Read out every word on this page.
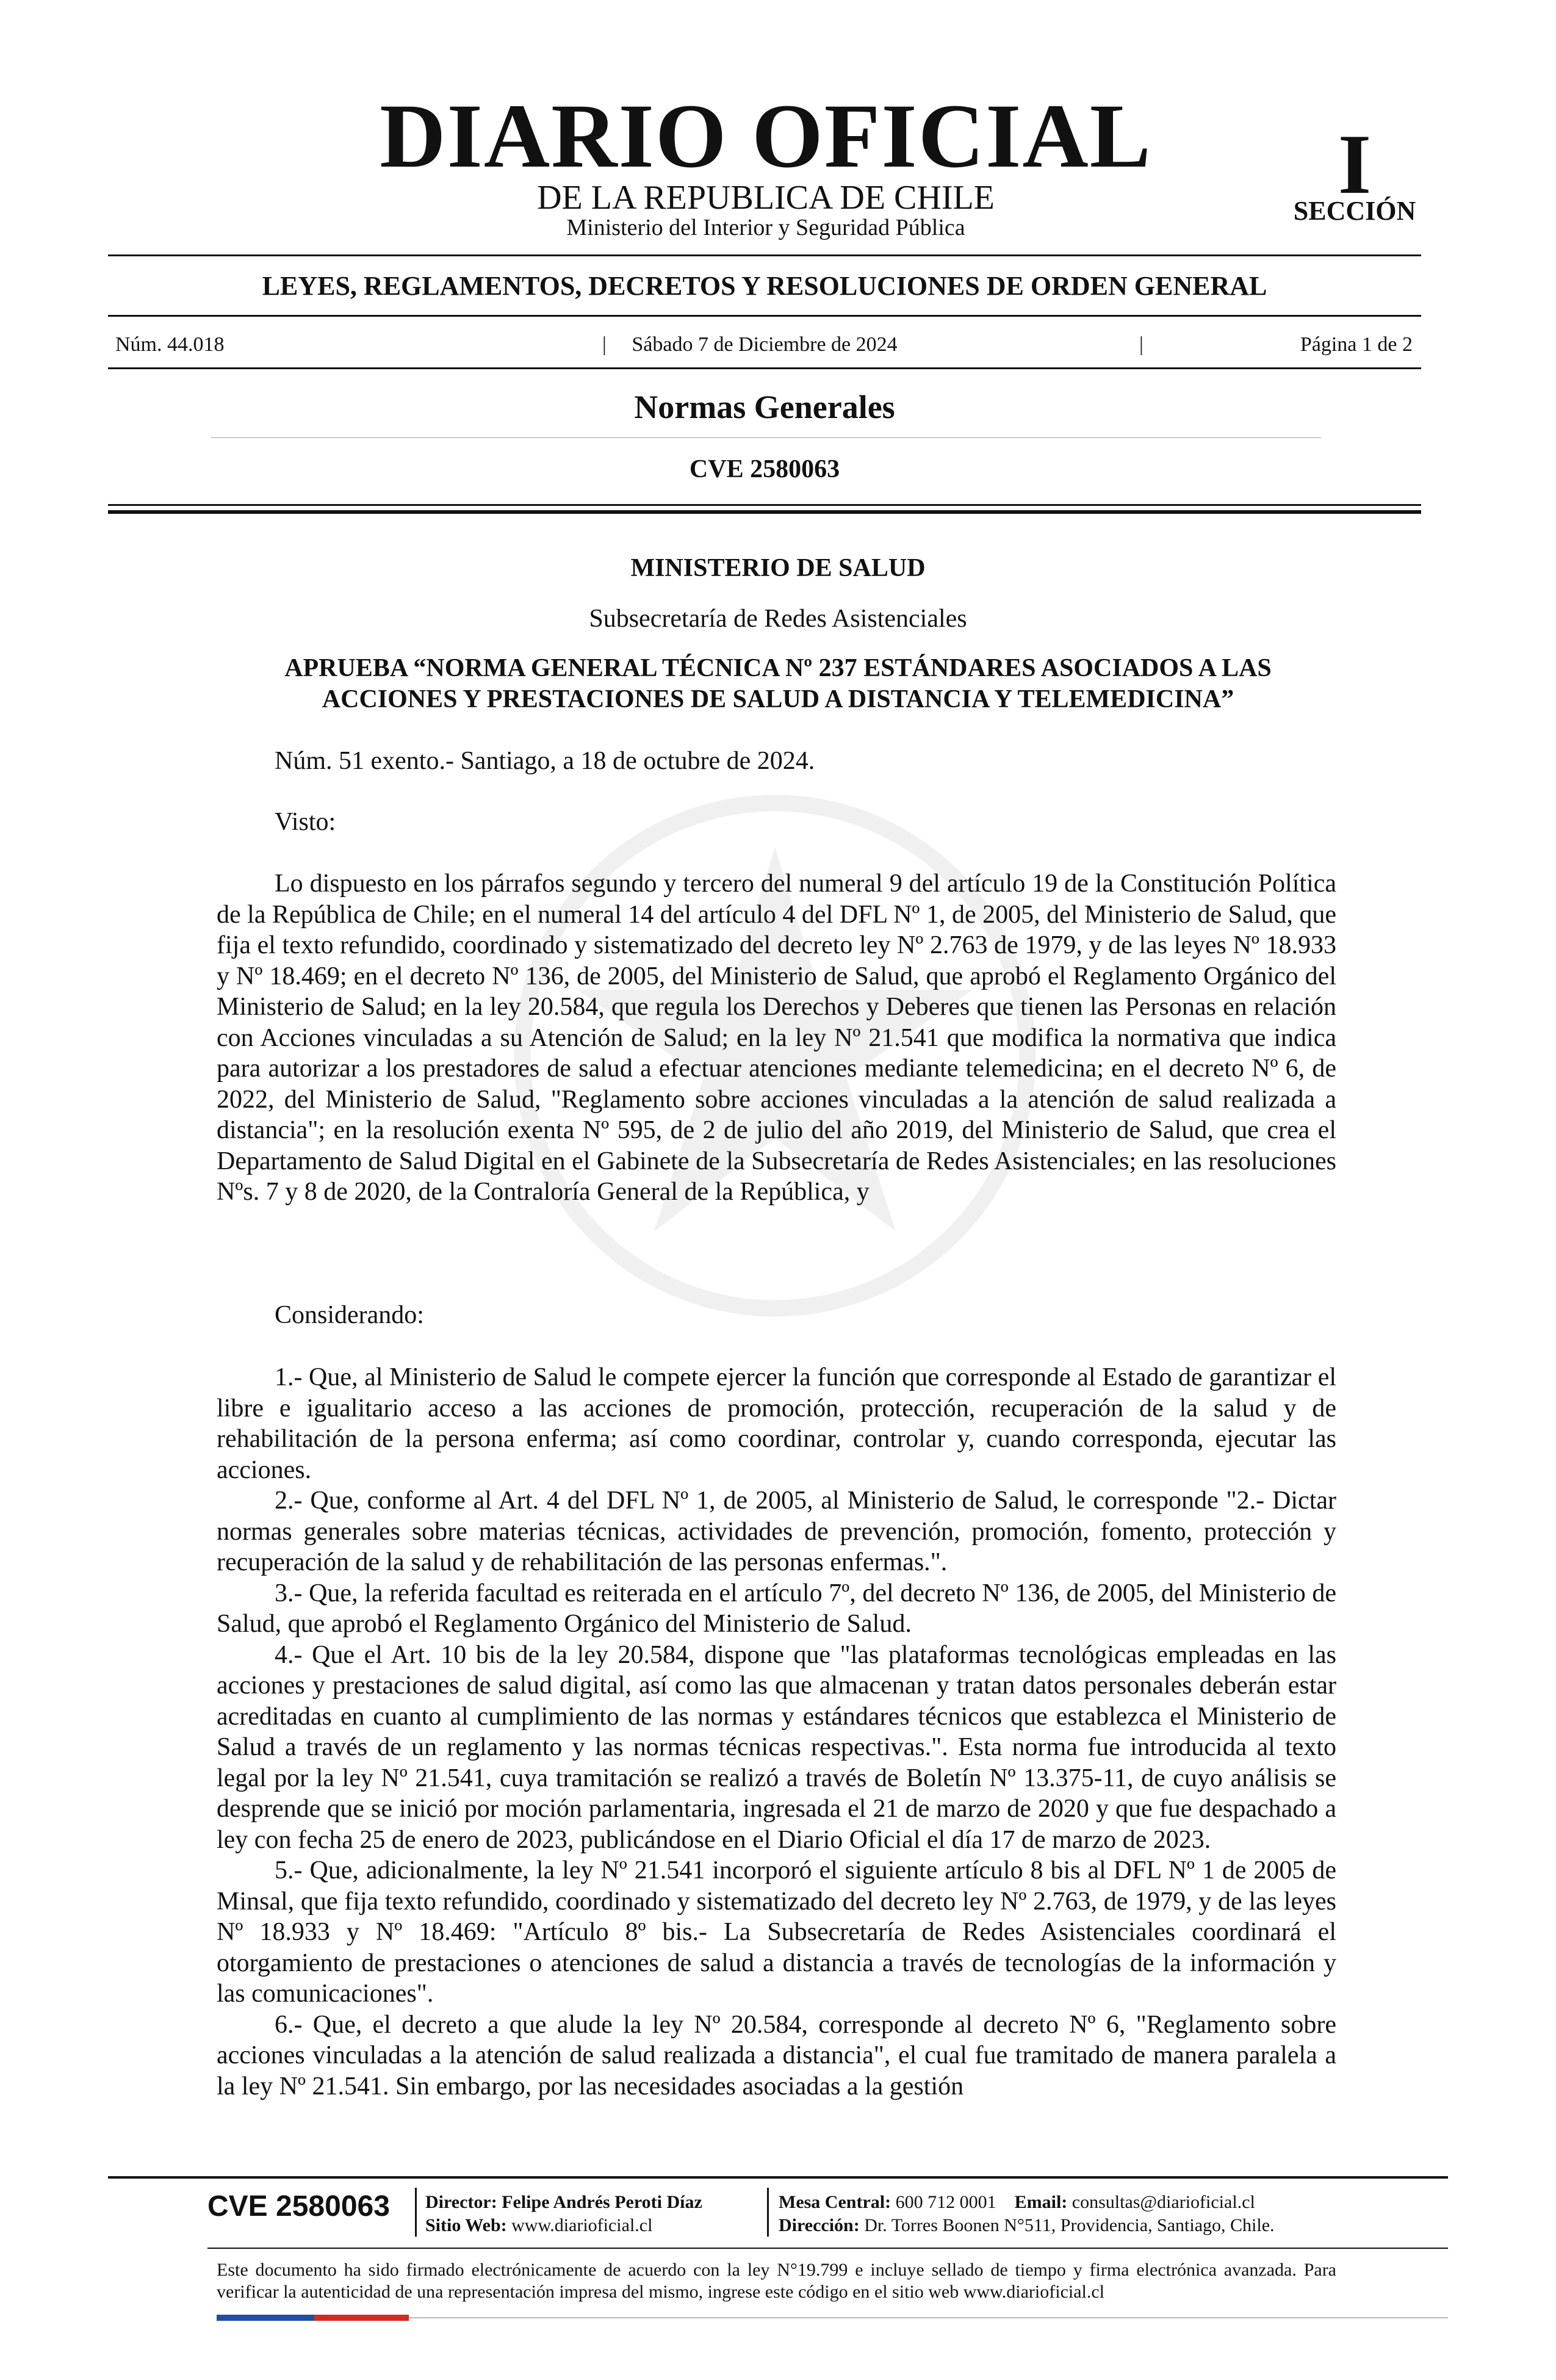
DIARIO OFICIAL
DE LA REPUBLICA DE CHILE
Ministerio del Interior y Seguridad Pública
I
SECCIÓN
LEYES, REGLAMENTOS, DECRETOS Y RESOLUCIONES DE ORDEN GENERAL
Núm. 44.018	|	Sábado 7 de Diciembre de 2024	|	Página 1 de 2
Normas Generales
CVE 2580063
MINISTERIO DE SALUD
Subsecretaría de Redes Asistenciales
APRUEBA “NORMA GENERAL TÉCNICA Nº 237 ESTÁNDARES ASOCIADOS A LAS ACCIONES Y PRESTACIONES DE SALUD A DISTANCIA Y TELEMEDICINA”
Núm. 51 exento.- Santiago, a 18 de octubre de 2024.
Visto:
Lo dispuesto en los párrafos segundo y tercero del numeral 9 del artículo 19 de la Constitución Política de la República de Chile; en el numeral 14 del artículo 4 del DFL Nº 1, de 2005, del Ministerio de Salud, que fija el texto refundido, coordinado y sistematizado del decreto ley Nº 2.763 de 1979, y de las leyes Nº 18.933 y Nº 18.469; en el decreto Nº 136, de 2005, del Ministerio de Salud, que aprobó el Reglamento Orgánico del Ministerio de Salud; en la ley 20.584, que regula los Derechos y Deberes que tienen las Personas en relación con Acciones vinculadas a su Atención de Salud; en la ley Nº 21.541 que modifica la normativa que indica para autorizar a los prestadores de salud a efectuar atenciones mediante telemedicina; en el decreto Nº 6, de 2022, del Ministerio de Salud, "Reglamento sobre acciones vinculadas a la atención de salud realizada a distancia"; en la resolución exenta Nº 595, de 2 de julio del año 2019, del Ministerio de Salud, que crea el Departamento de Salud Digital en el Gabinete de la Subsecretaría de Redes Asistenciales; en las resoluciones Nºs. 7 y 8 de 2020, de la Contraloría General de la República, y
Considerando:
1.- Que, al Ministerio de Salud le compete ejercer la función que corresponde al Estado de garantizar el libre e igualitario acceso a las acciones de promoción, protección, recuperación de la salud y de rehabilitación de la persona enferma; así como coordinar, controlar y, cuando corresponda, ejecutar las acciones.
2.- Que, conforme al Art. 4 del DFL Nº 1, de 2005, al Ministerio de Salud, le corresponde "2.- Dictar normas generales sobre materias técnicas, actividades de prevención, promoción, fomento, protección y recuperación de la salud y de rehabilitación de las personas enfermas.".
3.- Que, la referida facultad es reiterada en el artículo 7º, del decreto Nº 136, de 2005, del Ministerio de Salud, que aprobó el Reglamento Orgánico del Ministerio de Salud.
4.- Que el Art. 10 bis de la ley 20.584, dispone que "las plataformas tecnológicas empleadas en las acciones y prestaciones de salud digital, así como las que almacenan y tratan datos personales deberán estar acreditadas en cuanto al cumplimiento de las normas y estándares técnicos que establezca el Ministerio de Salud a través de un reglamento y las normas técnicas respectivas.". Esta norma fue introducida al texto legal por la ley Nº 21.541, cuya tramitación se realizó a través de Boletín Nº 13.375-11, de cuyo análisis se desprende que se inició por moción parlamentaria, ingresada el 21 de marzo de 2020 y que fue despachado a ley con fecha 25 de enero de 2023, publicándose en el Diario Oficial el día 17 de marzo de 2023.
5.- Que, adicionalmente, la ley Nº 21.541 incorporó el siguiente artículo 8 bis al DFL Nº 1 de 2005 de Minsal, que fija texto refundido, coordinado y sistematizado del decreto ley Nº 2.763, de 1979, y de las leyes Nº 18.933 y Nº 18.469: "Artículo 8º bis.- La Subsecretaría de Redes Asistenciales coordinará el otorgamiento de prestaciones o atenciones de salud a distancia a través de tecnologías de la información y las comunicaciones".
6.- Que, el decreto a que alude la ley Nº 20.584, corresponde al decreto Nº 6, "Reglamento sobre acciones vinculadas a la atención de salud realizada a distancia", el cual fue tramitado de manera paralela a la ley Nº 21.541. Sin embargo, por las necesidades asociadas a la gestión
CVE 2580063	Director: Felipe Andrés Peroti Díaz
Sitio Web: www.diarioficial.cl
Mesa Central: 600 712 0001 Email: consultas@diarioficial.cl
Dirección: Dr. Torres Boonen N°511, Providencia, Santiago, Chile.
Este documento ha sido firmado electrónicamente de acuerdo con la ley N°19.799 e incluye sellado de tiempo y firma electrónica avanzada. Para verificar la autenticidad de una representación impresa del mismo, ingrese este código en el sitio web www.diarioficial.cl
